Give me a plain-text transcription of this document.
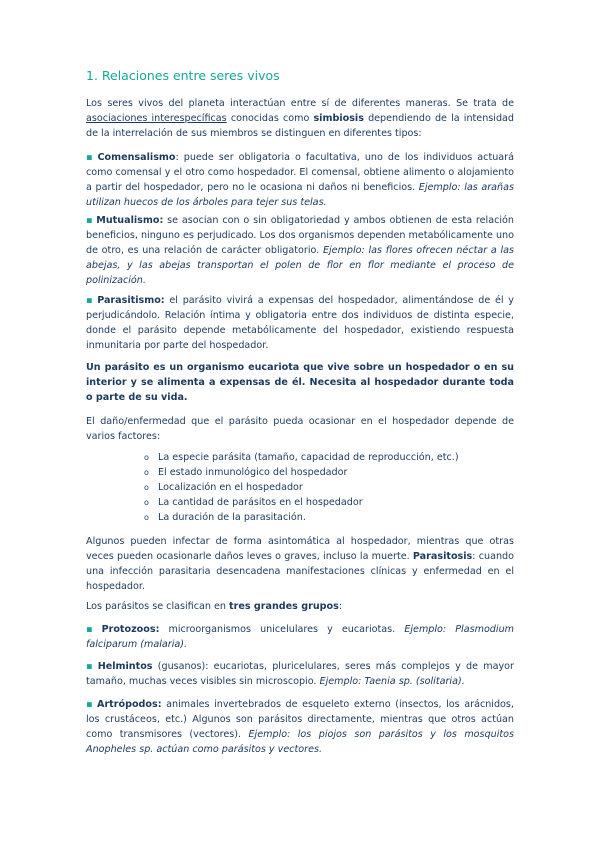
1. Relaciones entre seres vivos

Los seres vivos del planeta interactúan entre sí de diferentes maneras. Se trata de asociaciones interespecíficas conocidas como simbiosis dependiendo de la intensidad de la interrelación de sus miembros se distinguen en diferentes tipos:

▪ Comensalismo: puede ser obligatoria o facultativa, uno de los individuos actuará como comensal y el otro como hospedador. El comensal, obtiene alimento o alojamiento a partir del hospedador, pero no le ocasiona ni daños ni beneficios. Ejemplo: las arañas utilizan huecos de los árboles para tejer sus telas.

▪ Mutualismo: se asocian con o sin obligatoriedad y ambos obtienen de esta relación beneficios, ninguno es perjudicado. Los dos organismos dependen metabólicamente uno de otro, es una relación de carácter obligatorio. Ejemplo: las flores ofrecen néctar a las abejas, y las abejas transportan el polen de flor en flor mediante el proceso de polinización.

▪ Parasitismo: el parásito vivirá a expensas del hospedador, alimentándose de él y perjudicándolo. Relación íntima y obligatoria entre dos individuos de distinta especie, donde el parásito depende metabólicamente del hospedador, existiendo respuesta inmunitaria por parte del hospedador.

Un parásito es un organismo eucariota que vive sobre un hospedador o en su interior y se alimenta a expensas de él. Necesita al hospedador durante toda o parte de su vida.

El daño/enfermedad que el parásito pueda ocasionar en el hospedador depende de varios factores:

o La especie parásita (tamaño, capacidad de reproducción, etc.)
o El estado inmunológico del hospedador
o Localización en el hospedador
o La cantidad de parásitos en el hospedador
o La duración de la parasitación.

Algunos pueden infectar de forma asintomática al hospedador, mientras que otras veces pueden ocasionarle daños leves o graves, incluso la muerte. Parasitosis: cuando una infección parasitaria desencadena manifestaciones clínicas y enfermedad en el hospedador.

Los parásitos se clasifican en tres grandes grupos:

▪ Protozoos: microorganismos unicelulares y eucariotas. Ejemplo: Plasmodium falciparum (malaria).

▪ Helmintos (gusanos): eucariotas, pluricelulares, seres más complejos y de mayor tamaño, muchas veces visibles sin microscopio. Ejemplo: Taenia sp. (solitaria).

▪ Artrópodos: animales invertebrados de esqueleto externo (insectos, los arácnidos, los crustáceos, etc.) Algunos son parásitos directamente, mientras que otros actúan como transmisores (vectores). Ejemplo: los piojos son parásitos y los mosquitos Anopheles sp. actúan como parásitos y vectores.
